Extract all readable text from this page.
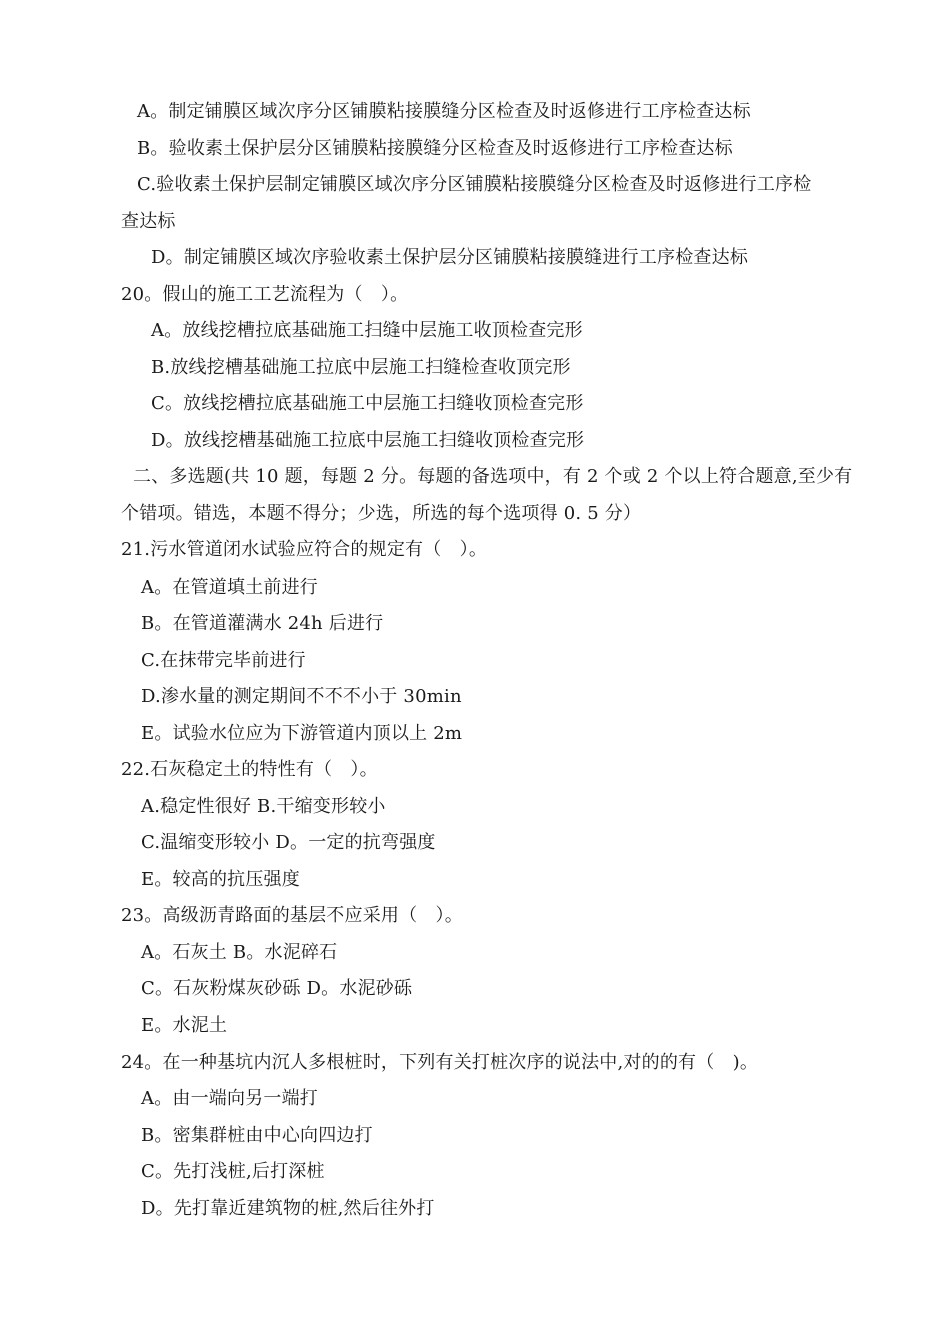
A。制定铺膜区域次序分区铺膜粘接膜缝分区检查及时返修进行工序检查达标
B。验收素土保护层分区铺膜粘接膜缝分区检查及时返修进行工序检查达标
C.验收素土保护层制定铺膜区域次序分区铺膜粘接膜缝分区检查及时返修进行工序检
查达标
D。制定铺膜区域次序验收素土保护层分区铺膜粘接膜缝进行工序检查达标
20。假山的施工工艺流程为（　）。
A。放线挖槽拉底基础施工扫缝中层施工收顶检查完形
B.放线挖槽基础施工拉底中层施工扫缝检查收顶完形
C。放线挖槽拉底基础施工中层施工扫缝收顶检查完形
D。放线挖槽基础施工拉底中层施工扫缝收顶检查完形
二、多选题(共 10 题，每题 2 分。每题的备选项中，有 2 个或 2 个以上符合题意,至少有
个错项。错选，本题不得分；少选，所选的每个选项得 0. 5 分）
21.污水管道闭水试验应符合的规定有（　）。
A。在管道填土前进行
B。在管道灌满水 24h 后进行
C.在抹带完毕前进行
D.渗水量的测定期间不不不小于 30min
E。试验水位应为下游管道内顶以上 2m
22.石灰稳定土的特性有（　）。
A.稳定性很好 B.干缩变形较小
C.温缩变形较小 D。一定的抗弯强度
E。较高的抗压强度
23。高级沥青路面的基层不应采用（　）。
A。石灰土 B。水泥碎石
C。石灰粉煤灰砂砾 D。水泥砂砾
E。水泥土
24。在一种基坑内沉人多根桩时，下列有关打桩次序的说法中,对的的有（　)。
A。由一端向另一端打
B。密集群桩由中心向四边打
C。先打浅桩,后打深桩
D。先打靠近建筑物的桩,然后往外打
